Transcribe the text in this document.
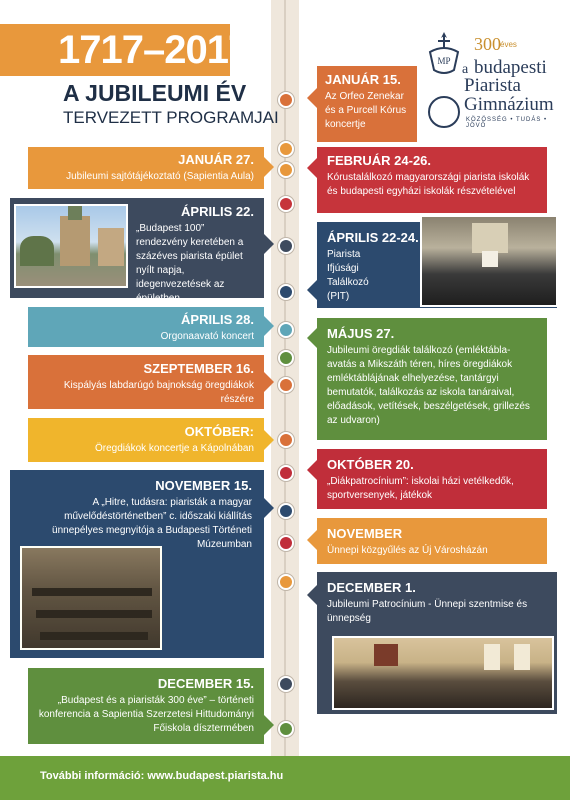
1717–2017
A JUBILEUMI ÉV
TERVEZETT PROGRAMJAI
ΜΡ
300 éves
a budapesti
Piarista
Gimnázium
KÖZÖSSÉG • TUDÁS • JÖVŐ
JANUÁR 27.
Jubileumi sajtótájékoztató (Sapientia Aula)
ÁPRILIS 22.
„Budapest 100” rendezvény keretében a százéves piarista épület nyílt napja, idegenvezetések az épületben
ÁPRILIS 28.
Orgonaavató koncert
SZEPTEMBER 16.
Kispályás labdarúgó bajnokság öregdiákok részére
OKTÓBER:
Öregdiákok koncertje a Kápolnában
NOVEMBER 15.
A „Hitre, tudásra: piaristák a magyar művelődéstörténetben” c. időszaki kiállítás ünnepélyes megnyitója a Budapesti Történeti Múzeumban
DECEMBER 15.
„Budapest és a piaristák 300 éve” – történeti konferencia a Sapientia Szerzetesi Hittudományi Főiskola dísztermében
JANUÁR 15.
Az Orfeo Zenekar és a Purcell Kórus koncertje
FEBRUÁR 24-26.
Kórustalálkozó magyarországi piarista iskolák és budapesti egyházi iskolák részvételével
ÁPRILIS 22-24.
Piarista Ifjúsági Találkozó (PIT)
MÁJUS 27.
Jubileumi öregdiák találkozó (emléktábla-avatás a Mikszáth téren, híres öregdiákok emléktáblájának elhelyezése, tantárgyi bemutatók, találkozás az iskola tanáraival, előadások, vetítések, beszélgetések, grillezés az udvaron)
OKTÓBER 20.
„Diákpatrocínium”: iskolai házi vetélkedők, sportversenyek, játékok
NOVEMBER
Ünnepi közgyűlés az Új Városházán
DECEMBER 1.
Jubileumi Patrocínium - Ünnepi szentmise és ünnepség
További információ: www.budapest.piarista.hu
